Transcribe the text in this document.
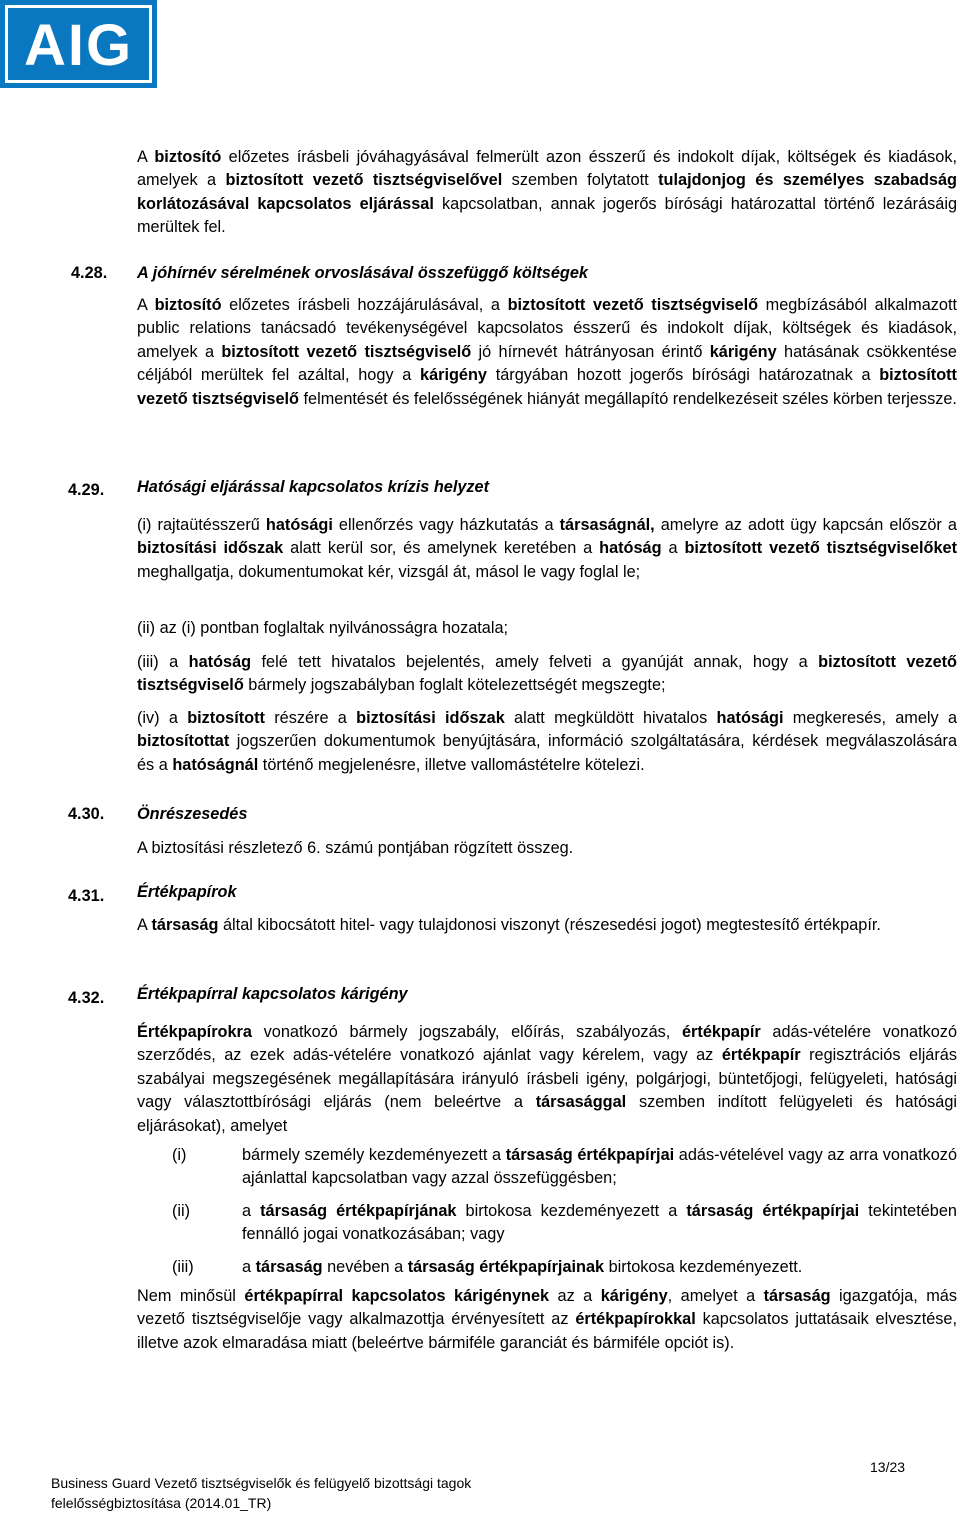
AIG
A biztosító előzetes írásbeli jóváhagyásával felmerült azon ésszerű és indokolt díjak, költségek és kiadások, amelyek a biztosított vezető tisztségviselővel szemben folytatott tulajdonjog és személyes szabadság korlátozásával kapcsolatos eljárással kapcsolatban, annak jogerős bírósági határozattal történő lezárásáig merültek fel.
4.28. A jóhírnév sérelmének orvoslásával összefüggő költségek
A biztosító előzetes írásbeli hozzájárulásával, a biztosított vezető tisztségviselő megbízásából alkalmazott public relations tanácsadó tevékenységével kapcsolatos ésszerű és indokolt díjak, költségek és kiadások, amelyek a biztosított vezető tisztségviselő jó hírnevét hátrányosan érintő kárigény hatásának csökkentése céljából merültek fel azáltal, hogy a kárigény tárgyában hozott jogerős bírósági határozatnak a biztosított vezető tisztségviselő felmentését és felelősségének hiányát megállapító rendelkezéseit széles körben terjessze.
4.29. Hatósági eljárással kapcsolatos krízis helyzet
(i) rajtaütésszerű hatósági ellenőrzés vagy házkutatás a társaságnál, amelyre az adott ügy kapcsán először a biztosítási időszak alatt kerül sor, és amelynek keretében a hatóság a biztosított vezető tisztségviselőket meghallgatja, dokumentumokat kér, vizsgál át, másol le vagy foglal le;
(ii) az (i) pontban foglaltak nyilvánosságra hozatala;
(iii) a hatóság felé tett hivatalos bejelentés, amely felveti a gyanúját annak, hogy a biztosított vezető tisztségviselő bármely jogszabályban foglalt kötelezettségét megszegte;
(iv) a biztosított részére a biztosítási időszak alatt megküldött hivatalos hatósági megkeresés, amely a biztosítottat jogszerűen dokumentumok benyújtására, információ szolgáltatására, kérdések megválaszolására és a hatóságnál történő megjelenésre, illetve vallomástételre kötelezi.
4.30. Önrészesedés
A biztosítási részletező 6. számú pontjában rögzített összeg.
4.31. Értékpapírok
A társaság által kibocsátott hitel- vagy tulajdonosi viszonyt (részesedési jogot) megtestesítő értékpapír.
4.32. Értékpapírral kapcsolatos kárigény
Értékpapírokra vonatkozó bármely jogszabály, előírás, szabályozás, értékpapír adás-vételére vonatkozó szerződés, az ezek adás-vételére vonatkozó ajánlat vagy kérelem, vagy az értékpapír regisztrációs eljárás szabályai megszegésének megállapítására irányuló írásbeli igény, polgárjogi, büntetőjogi, felügyeleti, hatósági vagy választottbírósági eljárás (nem beleértve a társasággal szemben indított felügyeleti és hatósági eljárásokat), amelyet
(i)	bármely személy kezdeményezett a társaság értékpapírjai adás-vételével vagy az arra vonatkozó ajánlattal kapcsolatban vagy azzal összefüggésben;
(ii)	a társaság értékpapírjának birtokosa kezdeményezett a társaság értékpapírjai tekintetében fennálló jogai vonatkozásában; vagy
(iii)	a társaság nevében a társaság értékpapírjainak birtokosa kezdeményezett.
Nem minősül értékpapírral kapcsolatos kárigénynek az a kárigény, amelyet a társaság igazgatója, más vezető tisztségviselője vagy alkalmazottja érvényesített az értékpapírokkal kapcsolatos juttatásaik elvesztése, illetve azok elmaradása miatt (beleértve bármiféle garanciát és bármiféle opciót is).
Business Guard Vezető tisztségviselők és felügyelő bizottsági tagok
felelősségbiztosítása (2014.01_TR)
13/23
